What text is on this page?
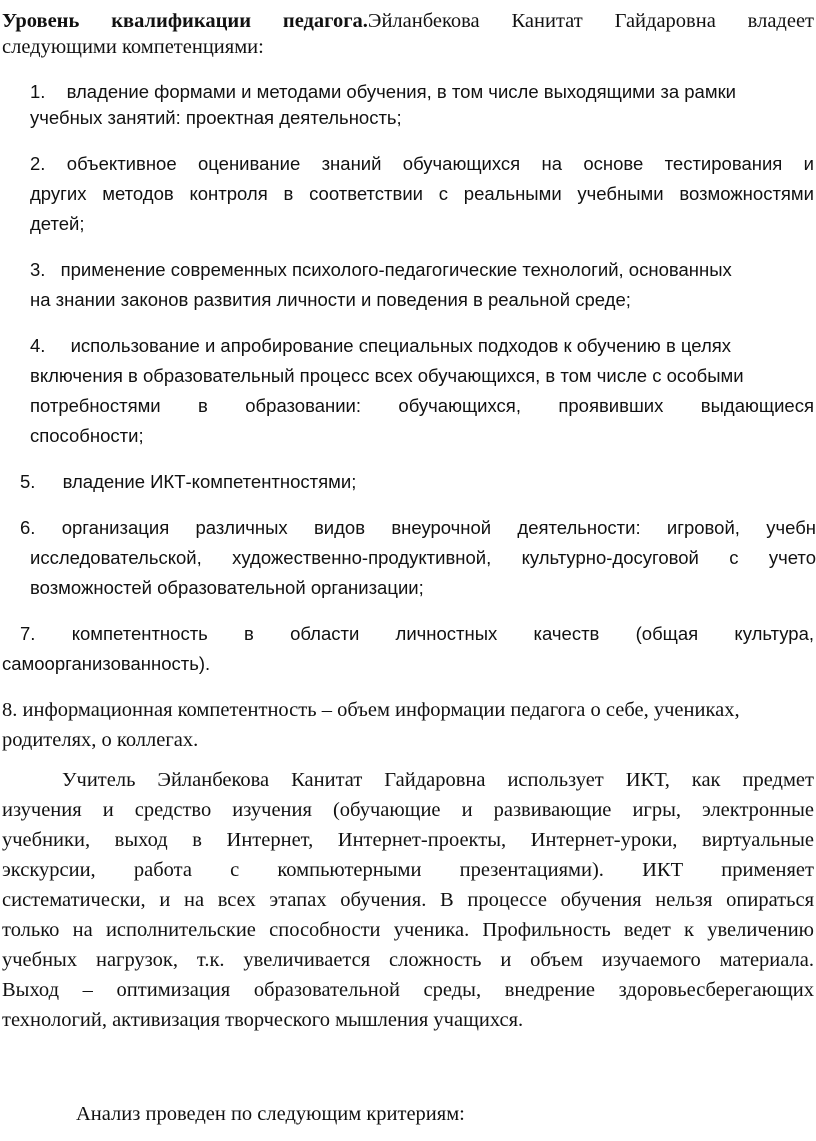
Уровень квалификации педагога.Эйланбекова Канитат Гайдаровна владеет
следующими компетенциями:
1. владение формами и методами обучения, в том числе выходящими за рамки
учебных занятий: проектная деятельность;
2. объективное оценивание знаний обучающихся на основе тестирования и
других методов контроля в соответствии с реальными учебными возможностями
детей;
3. применение современных психолого-педагогические технологий, основанных
на знании законов развития личности и поведения в реальной среде;
4. использование и апробирование специальных подходов к обучению в целях
включения в образовательный процесс всех обучающихся, в том числе с особыми
потребностями в образовании: обучающихся, проявивших выдающиеся
способности;
5. владение ИКТ-компетентностями;
6. организация различных видов внеурочной деятельности: игровой, учебн
исследовательской, художественно-продуктивной, культурно-досуговой с учето
возможностей образовательной организации;
7. компетентность в области личностных качеств (общая культура,
самоорганизованность).
8. информационная компетентность – объем информации педагога о себе, учениках,
родителях, о коллегах.
Учитель Эйланбекова Канитат Гайдаровна использует ИКТ, как предмет
изучения и средство изучения (обучающие и развивающие игры, электронные
учебники, выход в Интернет, Интернет-проекты, Интернет-уроки, виртуальные
экскурсии, работа с компьютерными презентациями). ИКТ применяет
систематически, и на всех этапах обучения. В процессе обучения нельзя опираться
только на исполнительские способности ученика. Профильность ведет к увеличению
учебных нагрузок, т.к. увеличивается сложность и объем изучаемого материала.
Выход – оптимизация образовательной среды, внедрение здоровьесберегающих
технологий, активизация творческого мышления учащихся.
Анализ проведен по следующим критериям:
